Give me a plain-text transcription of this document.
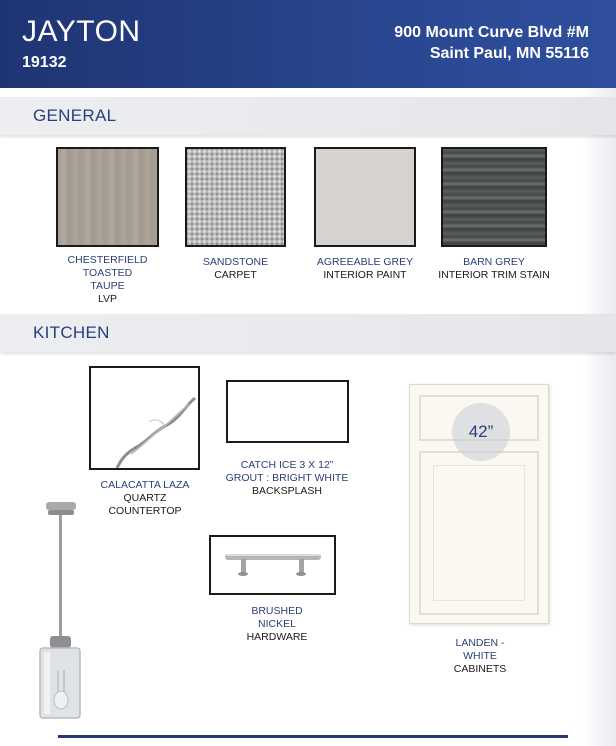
JAYTON
19132
900 Mount Curve Blvd #M
Saint Paul, MN 55116
GENERAL
CHESTERFIELD
TOASTED
TAUPE
LVP
SANDSTONE
CARPET
AGREEABLE GREY
INTERIOR PAINT
BARN GREY
INTERIOR TRIM STAIN
KITCHEN
CALACATTA LAZA
QUARTZ
COUNTERTOP
CATCH ICE 3 X 12”
GROUT : BRIGHT WHITE
BACKSPLASH
BRUSHED
NICKEL
HARDWARE
42”
LANDEN -
WHITE
CABINETS
